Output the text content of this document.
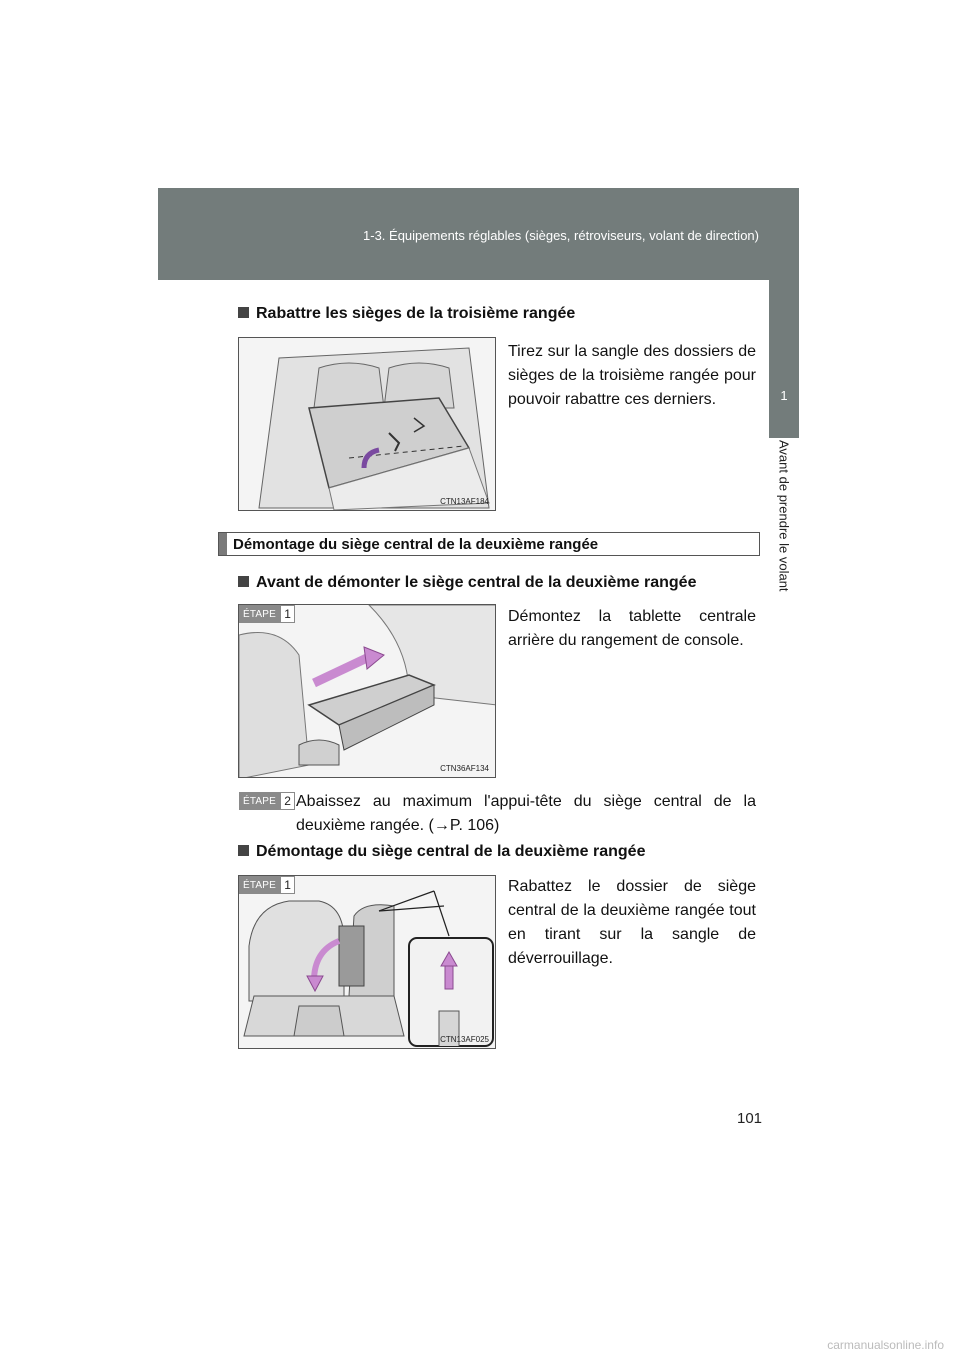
1-3. Équipements réglables (sièges, rétroviseurs, volant de direction)
1
Avant de prendre le volant
Rabattre les sièges de la troisième rangée
CTN13AF184
Tirez sur la sangle des dossiers de sièges de la troisième rangée pour pouvoir rabattre ces derniers.
Démontage du siège central de la deuxième rangée
Avant de démonter le siège central de la deuxième rangée
ÉTAPE 1
CTN36AF134
Démontez la tablette centrale arrière du rangement de console.
ÉTAPE 2 Abaissez au maximum l'appui-tête du siège central de la
deuxième rangée. (→P. 106)
Démontage du siège central de la deuxième rangée
ÉTAPE 1
CTN13AF025
Rabattez le dossier de siège central de la deuxième rangée tout en tirant sur la sangle de déverrouillage.
101
carmanualsonline.info
